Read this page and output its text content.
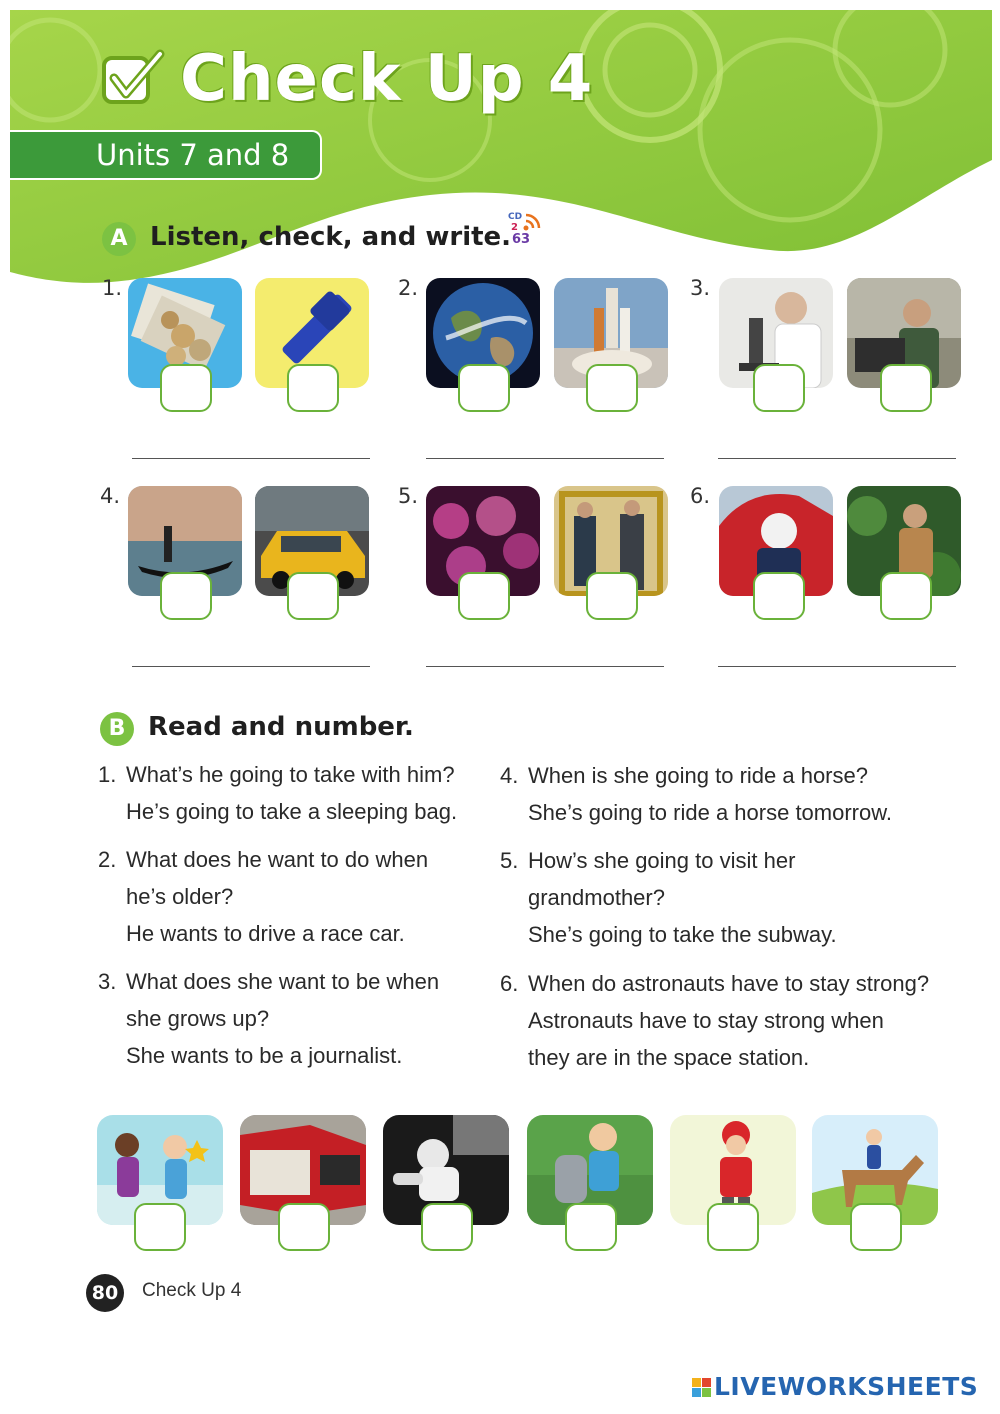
Check Up 4
Units 7 and 8
A Listen, check, and write.
CD
2
63
1.	2.	3.
4.	5.	6.
B Read and number.
1. What’s he going to take with him?
He’s going to take a sleeping bag.
2. What does he want to do when
he’s older?
He wants to drive a race car.
3. What does she want to be when
she grows up?
She wants to be a journalist.
4. When is she going to ride a horse?
She’s going to ride a horse tomorrow.
5. How’s she going to visit her
grandmother?
She’s going to take the subway.
6. When do astronauts have to stay strong?
Astronauts have to stay strong when
they are in the space station.
80	Check Up 4
LIVEWORKSHEETS
